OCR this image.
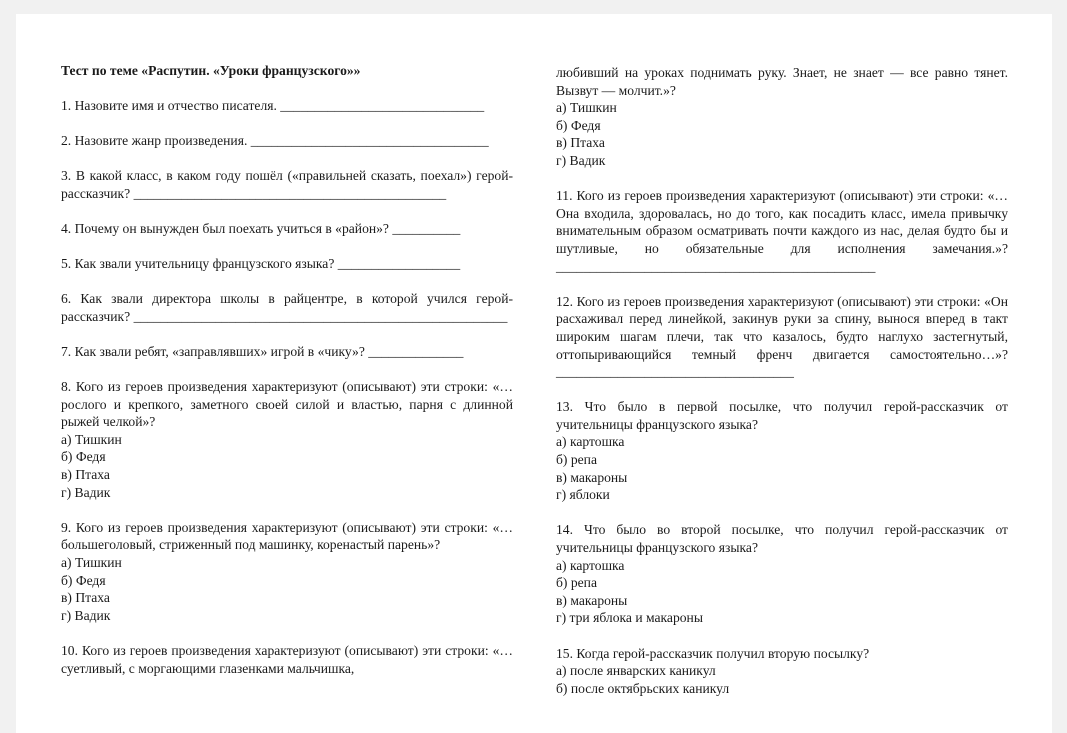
Тест по теме «Распутин. «Уроки французского»»
1. Назовите имя и отчество писателя. ______________________________
2. Назовите жанр произведения. ___________________________________
3. В какой класс, в каком году пошёл («правильней сказать, поехал») герой-рассказчик? ______________________________________________
4. Почему он вынужден был поехать учиться в «район»? __________
5. Как звали учительницу французского языка? __________________
6. Как звали директора школы в райцентре, в которой учился герой-рассказчик? _______________________________________________________
7. Как звали ребят, «заправлявших» игрой в «чику»? ______________
8. Кого из героев произведения характеризуют (описывают) эти строки: «…рослого и крепкого, заметного своей силой и властью, парня с длинной рыжей челкой»?
а) Тишкин
б) Федя
в) Птаха
г) Вадик
9. Кого из героев произведения характеризуют (описывают) эти строки: «…большеголовый, стриженный под машинку, коренастый парень»?
а) Тишкин
б) Федя
в) Птаха
г) Вадик
10. Кого из героев произведения характеризуют (описывают) эти строки: «…суетливый, с моргающими глазенками мальчишка,
любивший на уроках поднимать руку. Знает, не знает — все равно тянет. Вызвут — молчит.»?
а) Тишкин
б) Федя
в) Птаха
г) Вадик
11. Кого из героев произведения характеризуют (описывают) эти строки: «…Она входила, здоровалась, но до того, как посадить класс, имела привычку внимательным образом осматривать почти каждого из нас, делая будто бы и шутливые, но обязательные для исполнения замечания.»? _______________________________________________
12. Кого из героев произведения характеризуют (описывают) эти строки: «Он расхаживал перед линейкой, закинув руки за спину, вынося вперед в такт широким шагам плечи, так что казалось, будто наглухо застегнутый, оттопыривающийся темный френч двигается самостоятельно…»? ___________________________________
13. Что было в первой посылке, что получил герой-рассказчик от учительницы французского языка?
а) картошка
б) репа
в) макароны
г) яблоки
14. Что было во второй посылке, что получил герой-рассказчик от учительницы французского языка?
а) картошка
б) репа
в) макароны
г) три яблока и макароны
15. Когда герой-рассказчик получил вторую посылку?
а) после январских каникул
б) после октябрьских каникул
